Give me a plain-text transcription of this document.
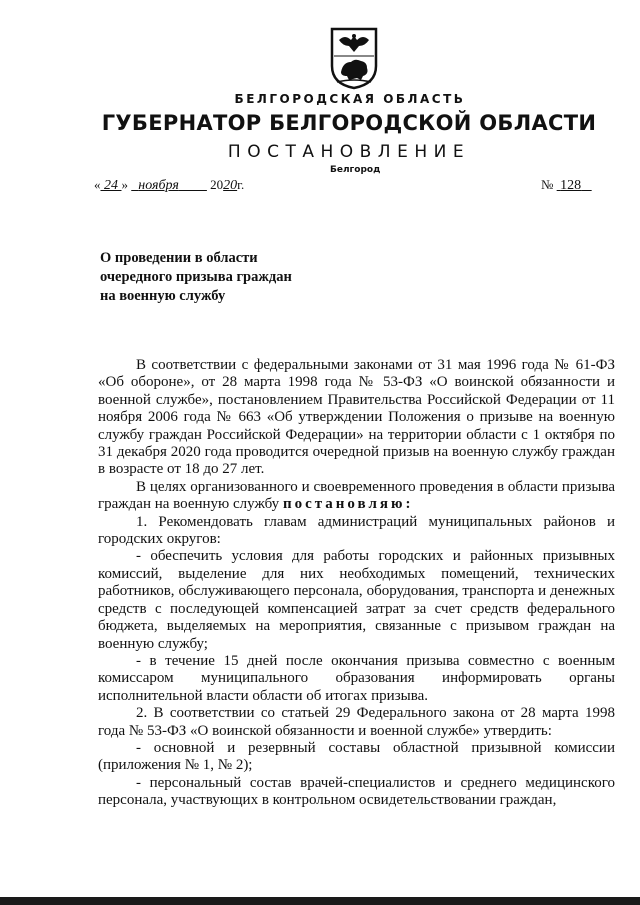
БЕЛГОРОДСКАЯ ОБЛАСТЬ
ГУБЕРНАТОР БЕЛГОРОДСКОЙ ОБЛАСТИ
ПОСТАНОВЛЕНИЕ
Белгород
« 24 » ноября 2020г.	№ 128
О проведении в области
очередного призыва граждан
на военную службу

В соответствии с федеральными законами от 31 мая 1996 года № 61-ФЗ «Об обороне», от 28 марта 1998 года № 53-ФЗ «О воинской обязанности и военной службе», постановлением Правительства Российской Федерации от 11 ноября 2006 года № 663 «Об утверждении Положения о призыве на военную службу граждан Российской Федерации» на территории области с 1 октября по 31 декабря 2020 года проводится очередной призыв на военную службу граждан в возрасте от 18 до 27 лет.

В целях организованного и своевременного проведения в области призыва граждан на военную службу постановляю:

1. Рекомендовать главам администраций муниципальных районов и городских округов:

- обеспечить условия для работы городских и районных призывных комиссий, выделение для них необходимых помещений, технических работников, обслуживающего персонала, оборудования, транспорта и денежных средств с последующей компенсацией затрат за счет средств федерального бюджета, выделяемых на мероприятия, связанные с призывом граждан на военную службу;

- в течение 15 дней после окончания призыва совместно с военным комиссаром муниципального образования информировать органы исполнительной власти области об итогах призыва.

2. В соответствии со статьей 29 Федерального закона от 28 марта 1998 года № 53-ФЗ «О воинской обязанности и военной службе» утвердить:

- основной и резервный составы областной призывной комиссии (приложения № 1, № 2);

- персональный состав врачей-специалистов и среднего медицинского персонала, участвующих в контрольном освидетельствовании граждан,
